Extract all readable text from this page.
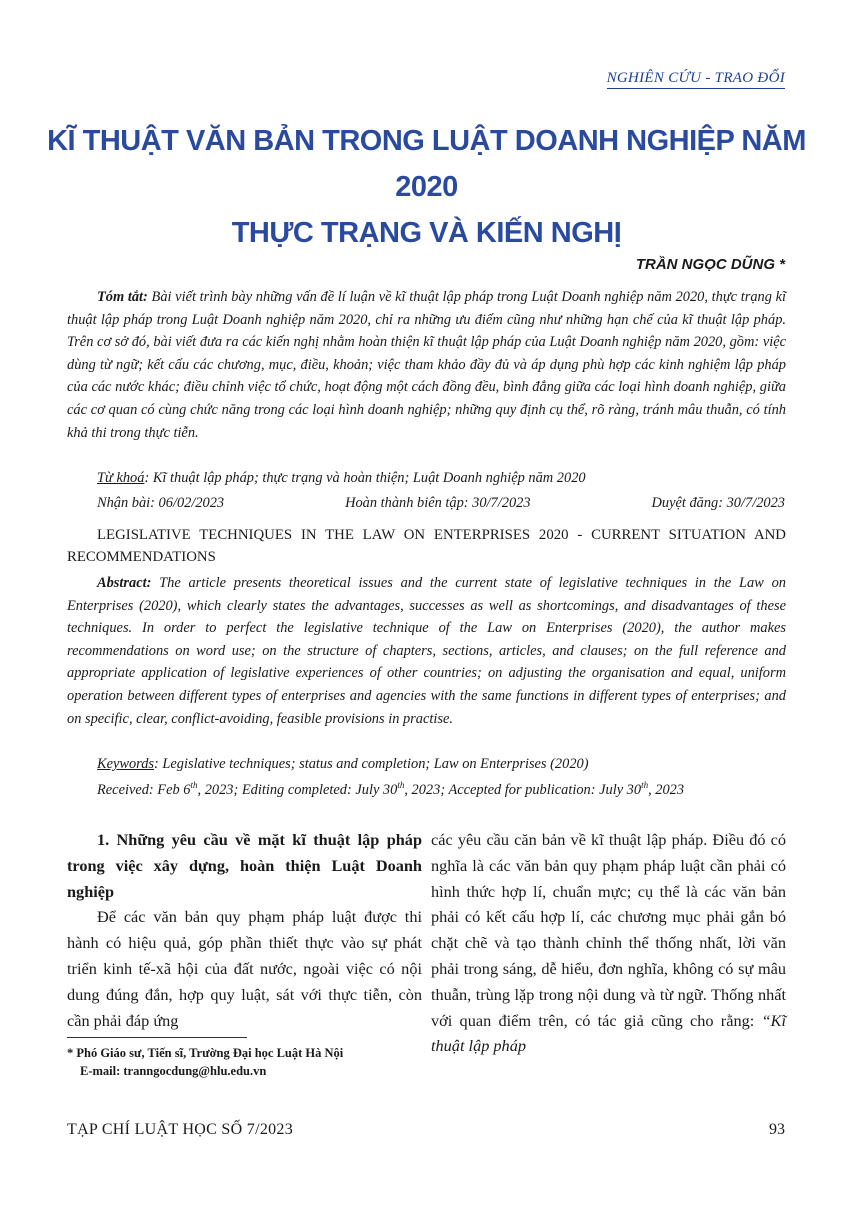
NGHIÊN CỨU - TRAO ĐỔI
KĨ THUẬT VĂN BẢN TRONG LUẬT DOANH NGHIỆP NĂM 2020
THỰC TRẠNG VÀ KIẾN NGHỊ
TRẦN NGỌC DŨNG *
Tóm tắt: Bài viết trình bày những vấn đề lí luận về kĩ thuật lập pháp trong Luật Doanh nghiệp năm 2020, thực trạng kĩ thuật lập pháp trong Luật Doanh nghiệp năm 2020, chỉ ra những ưu điểm cũng như những hạn chế của kĩ thuật lập pháp. Trên cơ sở đó, bài viết đưa ra các kiến nghị nhằm hoàn thiện kĩ thuật lập pháp của Luật Doanh nghiệp năm 2020, gồm: việc dùng từ ngữ; kết cấu các chương, mục, điều, khoản; việc tham khảo đầy đủ và áp dụng phù hợp các kinh nghiệm lập pháp của các nước khác; điều chỉnh việc tổ chức, hoạt động một cách đồng đều, bình đẳng giữa các loại hình doanh nghiệp, giữa các cơ quan có cùng chức năng trong các loại hình doanh nghiệp; những quy định cụ thể, rõ ràng, tránh mâu thuẫn, có tính khả thi trong thực tiễn.
Từ khoá: Kĩ thuật lập pháp; thực trạng và hoàn thiện; Luật Doanh nghiệp năm 2020
Nhận bài: 06/02/2023	Hoàn thành biên tập: 30/7/2023	Duyệt đăng: 30/7/2023
LEGISLATIVE TECHNIQUES IN THE LAW ON ENTERPRISES 2020 - CURRENT SITUATION AND RECOMMENDATIONS
Abstract: The article presents theoretical issues and the current state of legislative techniques in the Law on Enterprises (2020), which clearly states the advantages, successes as well as shortcomings, and disadvantages of these techniques. In order to perfect the legislative technique of the Law on Enterprises (2020), the author makes recommendations on word use; on the structure of chapters, sections, articles, and clauses; on the full reference and appropriate application of legislative experiences of other countries; on adjusting the organisation and equal, uniform operation between different types of enterprises and agencies with the same functions in different types of enterprises; and on specific, clear, conflict-avoiding, feasible provisions in practise.
Keywords: Legislative techniques; status and completion; Law on Enterprises (2020)
Received: Feb 6th, 2023; Editing completed: July 30th, 2023; Accepted for publication: July 30th, 2023

1. Những yêu cầu về mặt kĩ thuật lập pháp trong việc xây dựng, hoàn thiện Luật Doanh nghiệp

Để các văn bản quy phạm pháp luật được thi hành có hiệu quả, góp phần thiết thực vào sự phát triển kinh tế-xã hội của đất nước, ngoài việc có nội dung đúng đắn, hợp quy luật, sát với thực tiễn, còn cần phải đáp ứng

các yêu cầu căn bản về kĩ thuật lập pháp. Điều đó có nghĩa là các văn bản quy phạm pháp luật cần phải có hình thức hợp lí, chuẩn mực; cụ thể là các văn bản phải có kết cấu hợp lí, các chương mục phải gắn bó chặt chẽ và tạo thành chỉnh thể thống nhất, lời văn phải trong sáng, dễ hiểu, đơn nghĩa, không có sự mâu thuẫn, trùng lặp trong nội dung và từ ngữ. Thống nhất với quan điểm trên, có tác giả cũng cho rằng: “Kĩ thuật lập pháp

* Phó Giáo sư, Tiến sĩ, Trường Đại học Luật Hà Nội
E-mail: tranngocdung@hlu.edu.vn
TẠP CHÍ LUẬT HỌC SỐ 7/2023	93
